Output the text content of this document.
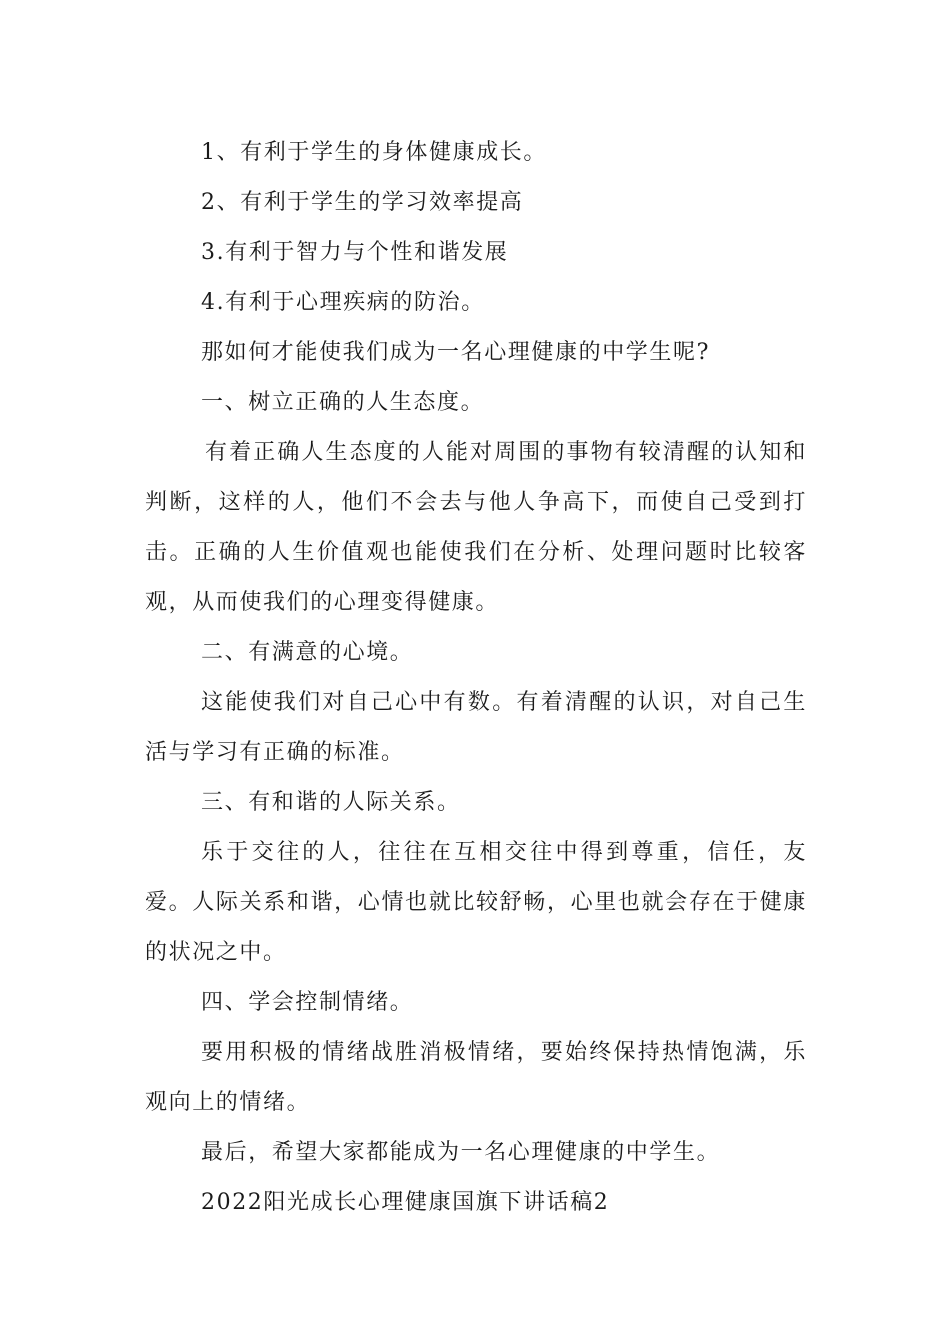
1、有利于学生的身体健康成长。

2、有利于学生的学习效率提高

3.有利于智力与个性和谐发展

4.有利于心理疾病的防治。

那如何才能使我们成为一名心理健康的中学生呢?

一、树立正确的人生态度。

有着正确人生态度的人能对周围的事物有较清醒的认知和判断，这样的人，他们不会去与他人争高下，而使自己受到打击。正确的人生价值观也能使我们在分析、处理问题时比较客观，从而使我们的心理变得健康。

二、有满意的心境。

这能使我们对自己心中有数。有着清醒的认识，对自己生活与学习有正确的标准。

三、有和谐的人际关系。

乐于交往的人，往往在互相交往中得到尊重，信任，友爱。人际关系和谐，心情也就比较舒畅，心里也就会存在于健康的状况之中。

四、学会控制情绪。

要用积极的情绪战胜消极情绪，要始终保持热情饱满，乐观向上的情绪。

最后，希望大家都能成为一名心理健康的中学生。

2022阳光成长心理健康国旗下讲话稿2
